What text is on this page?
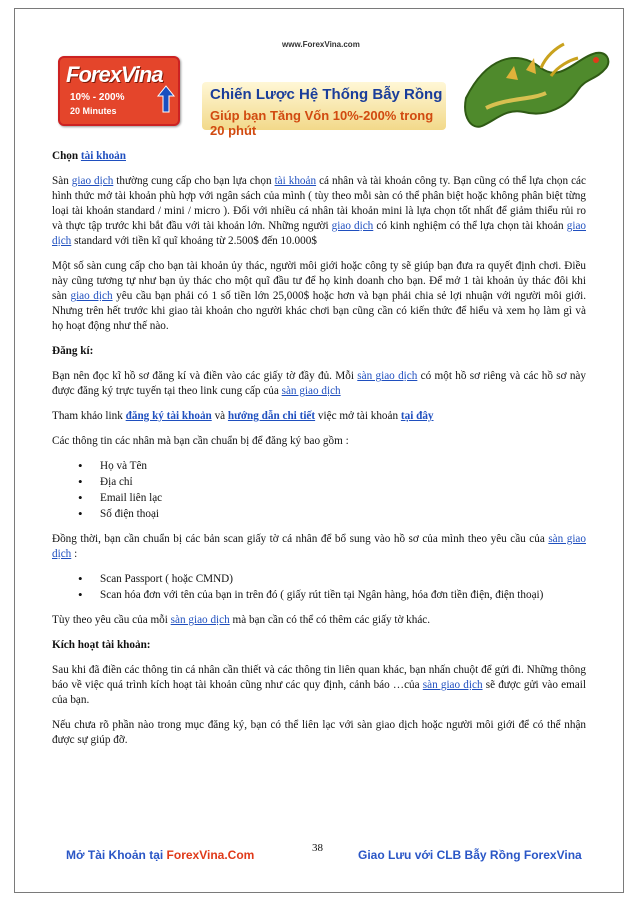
www.ForexVina.com
ForexVina
10% - 200%
20 Minutes
Chiến Lược Hệ Thống Bẫy Rồng
Giúp bạn Tăng Vốn 10%-200% trong 20 phút

Chọn tài khoản

Sàn giao dịch thường cung cấp cho bạn lựa chọn tài khoản cá nhân và tài khoản công ty. Bạn cũng có thể lựa chọn các hình thức mở tài khoản phù hợp với ngân sách của mình ( tùy theo mỗi sàn có thể phân biệt hoặc không phân biệt từng loại tài khoản standard / mini / micro ). Đối với nhiều cá nhân tài khoản mini là lựa chọn tốt nhất để giảm thiểu rủi ro và thực tập trước khi bắt đầu với tài khoản lớn. Những người giao dịch có kinh nghiệm có thể lựa chọn tài khoản giao dịch standard với tiền kĩ quĩ khoảng từ 2.500$ đến 10.000$

Một số sàn cung cấp cho bạn tài khoản ủy thác, người môi giới hoặc công ty sẽ giúp bạn đưa ra quyết định chơi. Điều này cũng tương tự như bạn ủy thác cho một quĩ đầu tư để họ kinh doanh cho bạn. Để mở 1 tài khoản ủy thác đôi khi sàn giao dịch yêu cầu bạn phải có 1 số tiền lớn 25,000$ hoặc hơn và bạn phải chia sẻ lợi nhuận với người môi giới. Nhưng trên hết trước khi giao tài khoản cho người khác chơi bạn cũng cần có kiến thức để hiểu và xem họ làm gì và họ hoạt động như thế nào.

Đăng kí:

Bạn nên đọc kĩ hồ sơ đăng kí và điền vào các giấy tờ đầy đủ. Mỗi sàn giao dịch có một hồ sơ riêng và các hồ sơ này được đăng ký trực tuyến tại theo link cung cấp của sàn giao dịch

Tham khảo link đăng ký tài khoản và hướng dẫn chi tiết việc mở tài khoản tại đây

Các thông tin các nhân mà bạn cần chuẩn bị để đăng ký bao gồm :

• Họ và Tên
• Địa chỉ
• Email liên lạc
• Số điện thoại

Đồng thời, bạn cần chuẩn bị các bản scan giấy tờ cá nhân để bổ sung vào hồ sơ của mình theo yêu cầu của sàn giao dịch :

• Scan Passport ( hoặc CMND)
• Scan hóa đơn với tên của bạn in trên đó ( giấy rút tiền tại Ngân hàng, hóa đơn tiền điện, điện thoại)

Tùy theo yêu cầu của mỗi sàn giao dịch mà bạn cần có thể có thêm các giấy tờ khác.

Kích hoạt tài khoản:

Sau khi đã điền các thông tin cá nhân cần thiết và các thông tin liên quan khác, bạn nhấn chuột để gửi đi. Những thông báo về việc quá trình kích hoạt tài khoản cũng như các quy định, cảnh báo …của sàn giao dịch sẽ được gửi vào email của bạn.

Nếu chưa rõ phần nào trong mục đăng ký, bạn có thể liên lạc với sàn giao dịch hoặc người môi giới để có thể nhận được sự giúp đỡ.

38
Mở Tài Khoản tại ForexVina.Com	Giao Lưu với CLB Bẫy Rồng ForexVina
